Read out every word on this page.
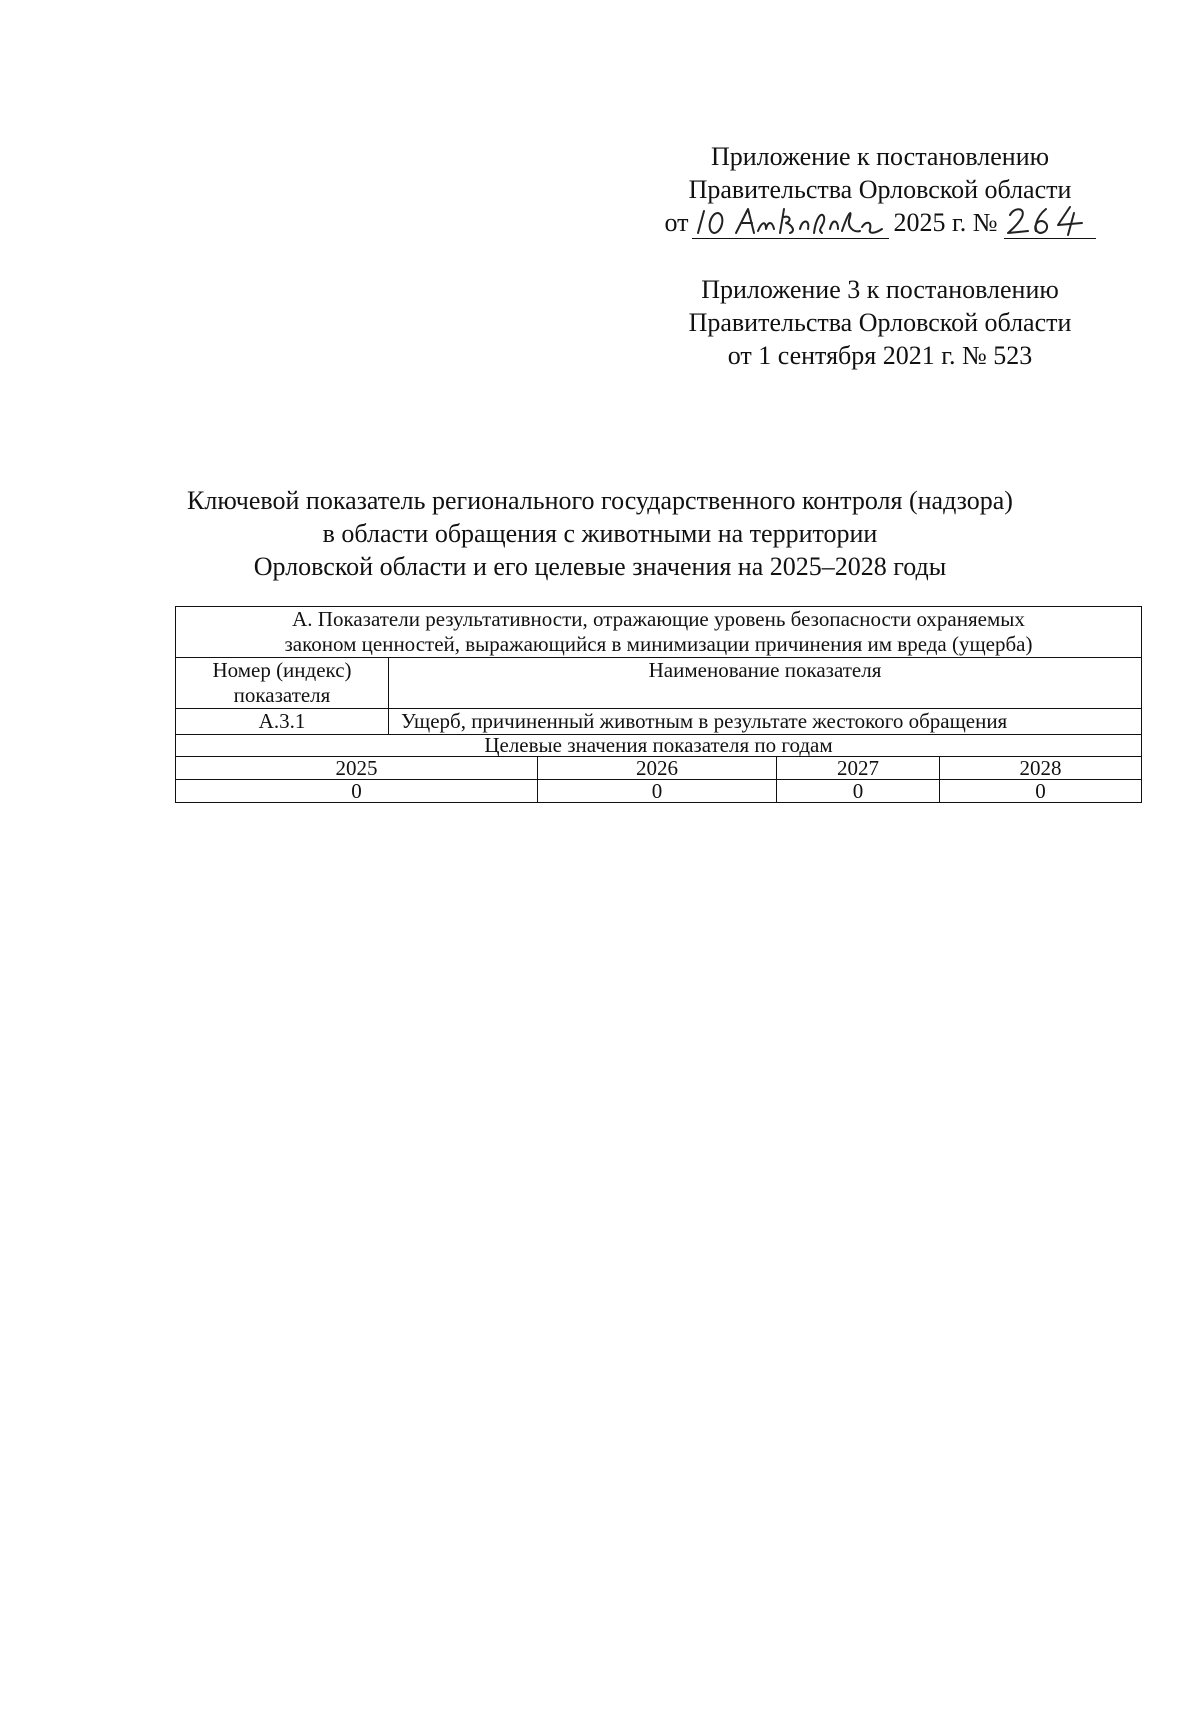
Приложение к постановлению
Правительства Орловской области
от	2025 г. №
Приложение 3 к постановлению
Правительства Орловской области
от 1 сентября 2021 г. № 523
Ключевой показатель регионального государственного контроля (надзора)
в области обращения с животными на территории
Орловской области и его целевые значения на 2025–2028 годы
А. Показатели результативности, отражающие уровень безопасности охраняемых
законом ценностей, выражающийся в минимизации причинения им вреда (ущерба)				

Номер (индекс)
показателя	Наименование показателя			
А.3.1	Ущерб, причиненный животным в результате жестокого обращения			
Целевые значения показателя по годам				
2025		2026	2027	2028
0		0	0	0
